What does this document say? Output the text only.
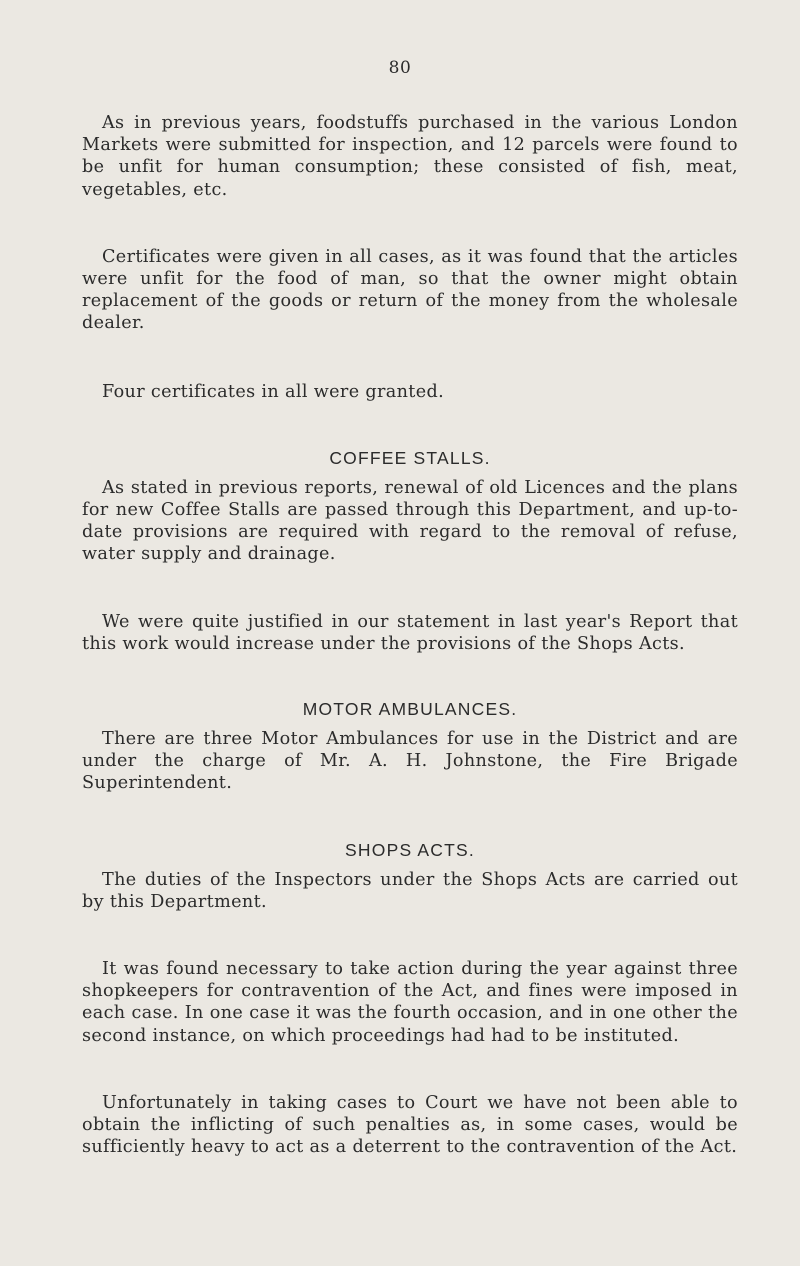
80

As in previous years, foodstuffs purchased in the various London Markets were submitted for inspection, and 12 parcels were found to be unfit for human consumption; these consisted of fish, meat, vegetables, etc.

Certificates were given in all cases, as it was found that the articles were unfit for the food of man, so that the owner might obtain replacement of the goods or return of the money from the wholesale dealer.

Four certificates in all were granted.

COFFEE STALLS.

As stated in previous reports, renewal of old Licences and the plans for new Coffee Stalls are passed through this Department, and up-to-date provisions are required with regard to the removal of refuse, water supply and drainage.

We were quite justified in our statement in last year's Report that this work would increase under the provisions of the Shops Acts.

MOTOR AMBULANCES.

There are three Motor Ambulances for use in the District and are under the charge of Mr. A. H. Johnstone, the Fire Brigade Superintendent.

SHOPS ACTS.

The duties of the Inspectors under the Shops Acts are carried out by this Department.

It was found necessary to take action during the year against three shopkeepers for contravention of the Act, and fines were imposed in each case. In one case it was the fourth occasion, and in one other the second instance, on which proceedings had had to be instituted.

Unfortunately in taking cases to Court we have not been able to obtain the inflicting of such penalties as, in some cases, would be sufficiently heavy to act as a deterrent to the contravention of the Act.
